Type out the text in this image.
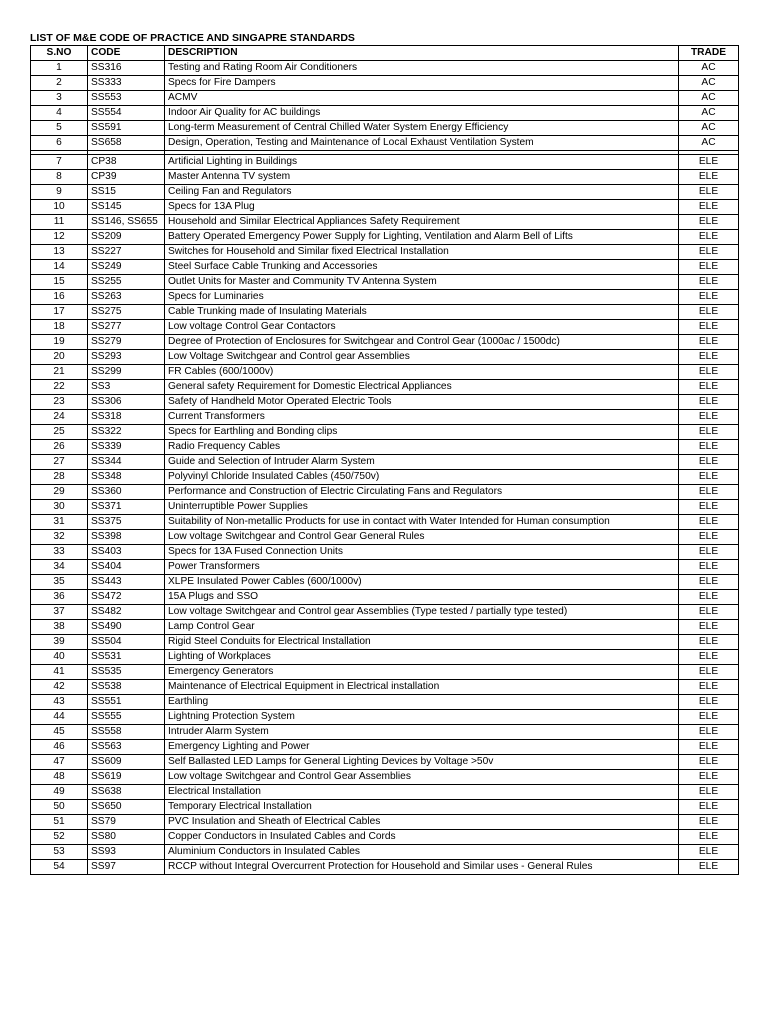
LIST OF M&E CODE OF PRACTICE AND SINGAPRE STANDARDS
S.NO	CODE	DESCRIPTION	TRADE
1	SS316	Testing and Rating Room Air Conditioners	AC
2	SS333	Specs for Fire Dampers	AC
3	SS553	ACMV	AC
4	SS554	Indoor Air Quality for AC buildings	AC
5	SS591	Long-term Measurement of Central Chilled Water System Energy Efficiency	AC
6	SS658	Design, Operation, Testing and Maintenance of Local Exhaust Ventilation System	AC

7	CP38	Artificial Lighting in Buildings	ELE
8	CP39	Master Antenna TV system	ELE
9	SS15	Ceiling Fan and Regulators	ELE
10	SS145	Specs for 13A Plug	ELE
11	SS146, SS655	Household and Similar Electrical Appliances Safety Requirement	ELE
12	SS209	Battery Operated Emergency Power Supply for Lighting, Ventilation and Alarm Bell of Lifts	ELE
13	SS227	Switches for Household and Similar fixed Electrical Installation	ELE
14	SS249	Steel Surface Cable Trunking and Accessories	ELE
15	SS255	Outlet Units for Master and Community TV Antenna System	ELE
16	SS263	Specs for Luminaries	ELE
17	SS275	Cable Trunking made of Insulating Materials	ELE
18	SS277	Low voltage Control Gear Contactors	ELE
19	SS279	Degree of Protection of Enclosures for Switchgear and Control Gear (1000ac / 1500dc)	ELE
20	SS293	Low Voltage Switchgear and Control gear Assemblies	ELE
21	SS299	FR Cables (600/1000v)	ELE
22	SS3	General safety Requirement for Domestic Electrical Appliances	ELE
23	SS306	Safety of Handheld Motor Operated Electric Tools	ELE
24	SS318	Current Transformers	ELE
25	SS322	Specs for Earthling and Bonding clips	ELE
26	SS339	Radio Frequency Cables	ELE
27	SS344	Guide and Selection of Intruder Alarm System	ELE
28	SS348	Polyvinyl Chloride Insulated Cables (450/750v)	ELE
29	SS360	Performance and Construction of Electric Circulating Fans and Regulators	ELE
30	SS371	Uninterruptible Power Supplies	ELE
31	SS375	Suitability of Non-metallic Products for use in contact with Water Intended for Human consumption	ELE
32	SS398	Low voltage Switchgear and Control Gear General Rules	ELE
33	SS403	Specs for 13A Fused Connection Units	ELE
34	SS404	Power Transformers	ELE
35	SS443	XLPE Insulated Power Cables (600/1000v)	ELE
36	SS472	15A Plugs and SSO	ELE
37	SS482	Low voltage Switchgear and Control gear Assemblies (Type tested / partially type tested)	ELE
38	SS490	Lamp Control Gear	ELE
39	SS504	Rigid Steel Conduits for Electrical Installation	ELE
40	SS531	Lighting of Workplaces	ELE
41	SS535	Emergency Generators	ELE
42	SS538	Maintenance of Electrical Equipment in Electrical installation	ELE
43	SS551	Earthling	ELE
44	SS555	Lightning Protection System	ELE
45	SS558	Intruder Alarm System	ELE
46	SS563	Emergency Lighting and Power	ELE
47	SS609	Self Ballasted LED Lamps for General Lighting Devices by Voltage >50v	ELE
48	SS619	Low voltage Switchgear and Control Gear Assemblies	ELE
49	SS638	Electrical Installation	ELE
50	SS650	Temporary Electrical Installation	ELE
51	SS79	PVC Insulation and Sheath of Electrical Cables	ELE
52	SS80	Copper Conductors in Insulated Cables and Cords	ELE
53	SS93	Aluminium Conductors in Insulated Cables	ELE
54	SS97	RCCP without Integral Overcurrent Protection for Household and Similar uses - General Rules	ELE
